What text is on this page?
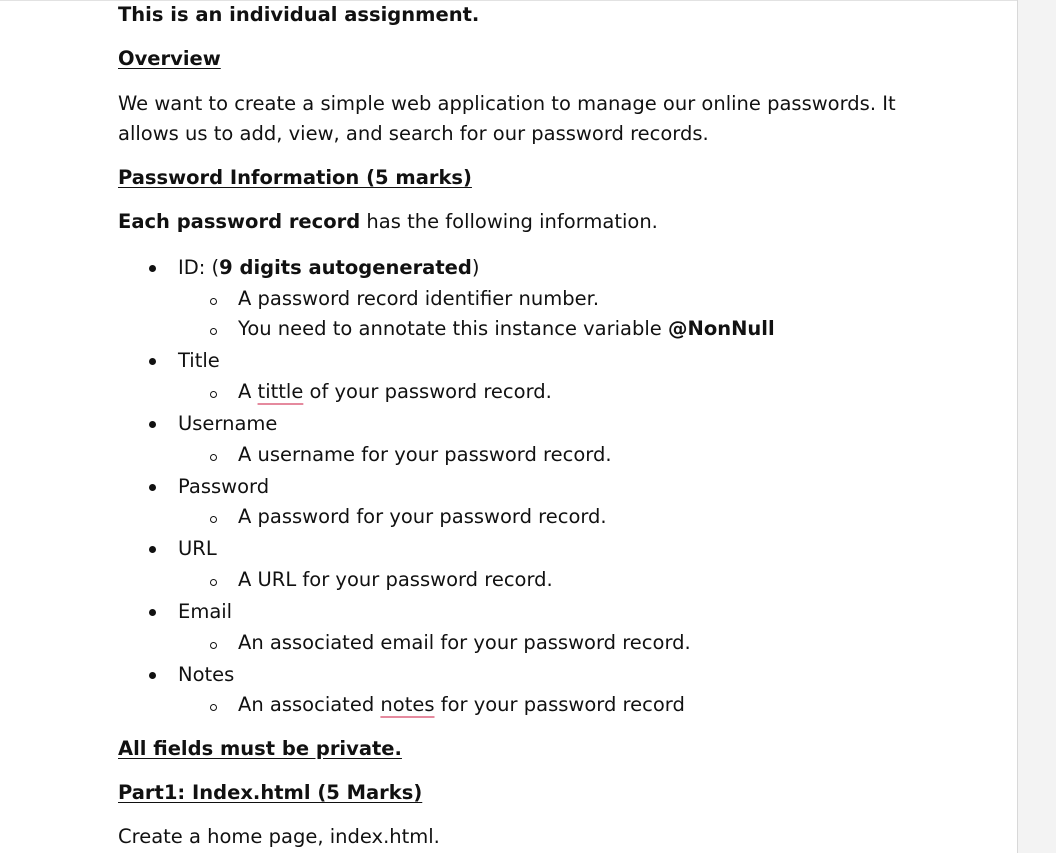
This is an individual assignment.
Overview
We want to create a simple web application to manage our online passwords. It
allows us to add, view, and search for our password records.
Password Information (5 marks)
Each password record has the following information.
ID: (9 digits autogenerated)
A password record identifier number.
You need to annotate this instance variable @NonNull
Title
A tittle of your password record.
Username
A username for your password record.
Password
A password for your password record.
URL
A URL for your password record.
Email
An associated email for your password record.
Notes
An associated notes for your password record
All fields must be private.
Part1: Index.html (5 Marks)
Create a home page, index.html.
